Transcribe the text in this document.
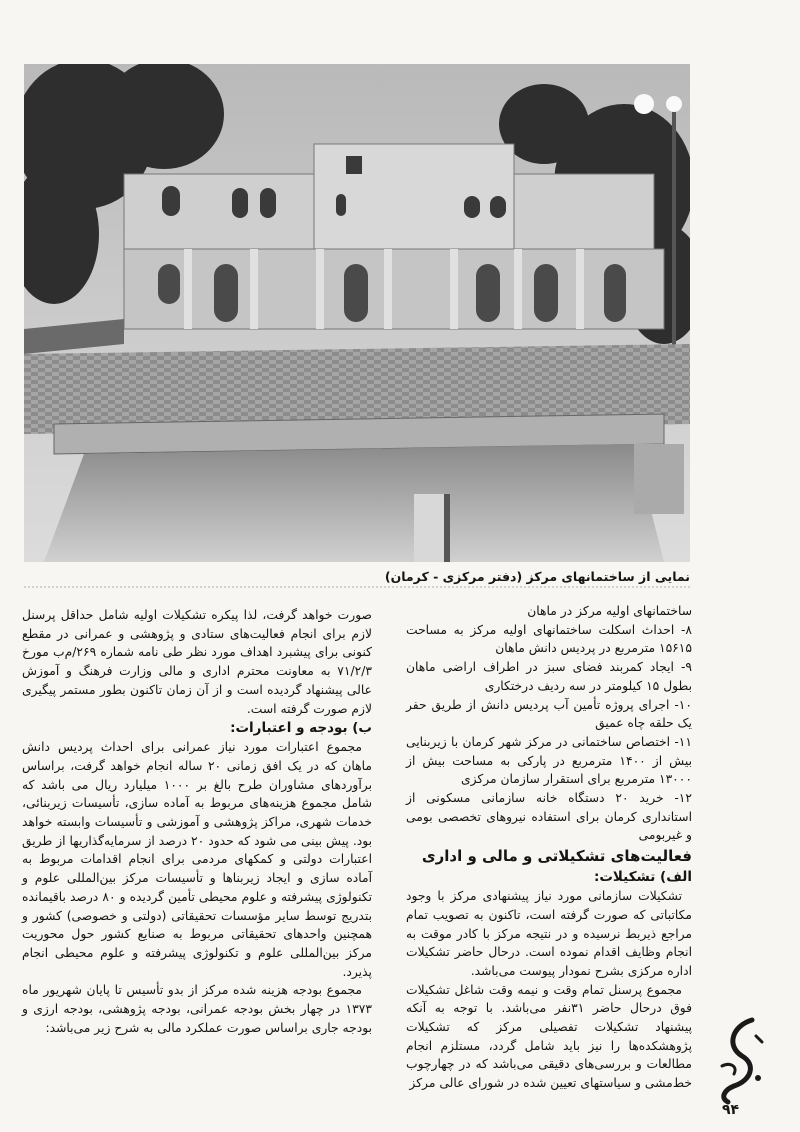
نمایی از ساختمانهای مرکز (دفتر مرکزی - کرمان)

ساختمانهای اولیه مرکز در ماهان

۸- احداث اسکلت ساختمانهای اولیه مرکز به مساحت ۱۵۶۱۵ مترمربع در پردیس دانش ماهان

۹- ایجاد کمربند فضای سبز در اطراف اراضی ماهان بطول ۱۵ کیلومتر در سه ردیف درختکاری

۱۰- اجرای پروژه تأمین آب پردیس دانش از طریق حفر یک حلقه چاه عمیق

۱۱- اختصاص ساختمانی در مرکز شهر کرمان با زیربنایی بیش از ۱۴۰۰ مترمربع در پارکی به مساحت بیش از ۱۳۰۰۰ مترمربع برای استقرار سازمان مرکزی

۱۲- خرید ۲۰ دستگاه خانه سازمانی مسکونی از استانداری کرمان برای استفاده نیروهای تخصصی بومی و غیربومی

فعالیت‌های تشکیلاتی و مالی و اداری

الف) تشکیلات:

تشکیلات سازمانی مورد نیاز پیشنهادی مرکز با وجود مکاتباتی که صورت گرفته است، تاکنون به تصویب تمام مراجع ذیربط نرسیده و در نتیجه مرکز با کادر موقت به انجام وظایف اقدام نموده است. درحال حاضر تشکیلات اداره مرکزی بشرح نمودار پیوست می‌باشد.

مجموع پرسنل تمام وقت و نیمه وقت شاغل تشکیلات فوق درحال حاضر ۳۱نفر می‌باشد. با توجه به آنکه پیشنهاد تشکیلات تفصیلی مرکز که تشکیلات پژوهشکده‌ها را نیز باید شامل گردد، مستلزم انجام مطالعات و بررسی‌های دقیقی می‌باشد که در چهارچوب خط‌مشی و سیاستهای تعیین شده در شورای عالی مرکز

صورت خواهد گرفت، لذا پیکره تشکیلات اولیه شامل حداقل پرسنل لازم برای انجام فعالیت‌های ستادی و پژوهشی و عمرانی در مقطع کنونی برای پیشبرد اهداف مورد نظر طی نامه شماره ۲۶۹/م‌ب مورخ ۷۱/۲/۳ به معاونت محترم اداری و مالی وزارت فرهنگ و آموزش عالی پیشنهاد گردیده است و از آن زمان تاکنون بطور مستمر پیگیری لازم صورت گرفته است.

ب) بودجه و اعتبارات:

مجموع اعتبارات مورد نیاز عمرانی برای احداث پردیس دانش ماهان که در یک افق زمانی ۲۰ ساله انجام خواهد گرفت، براساس برآوردهای مشاوران طرح بالغ بر ۱۰۰۰ میلیارد ریال می باشد که شامل مجموع هزینه‌های مربوط به آماده سازی، تأسیسات زیربنائی، خدمات شهری، مراکز پژوهشی و آموزشی و تأسیسات وابسته خواهد بود. پیش بینی می شود که حدود ۲۰ درصد از سرمایه‌گذاریها از طریق اعتبارات دولتی و کمکهای مردمی برای انجام اقدامات مربوط به آماده سازی و ایجاد زیربناها و تأسیسات مرکز بین‌المللی علوم و تکنولوژی پیشرفته و علوم محیطی تأمین گردیده و ۸۰ درصد باقیمانده بتدریج توسط سایر مؤسسات تحقیقاتی (دولتی و خصوصی) کشور و همچنین واحدهای تحقیقاتی مربوط به صنایع کشور حول محوریت مرکز بین‌المللی علوم و تکنولوژی پیشرفته و علوم محیطی انجام پذیرد.

مجموع بودجه هزینه شده مرکز از بدو تأسیس تا پایان شهریور ماه ۱۳۷۳ در چهار بخش بودجه عمرانی، بودجه پژوهشی، بودجه ارزی و بودجه جاری براساس صورت عملکرد مالی به شرح زیر می‌باشد:

۹۴
